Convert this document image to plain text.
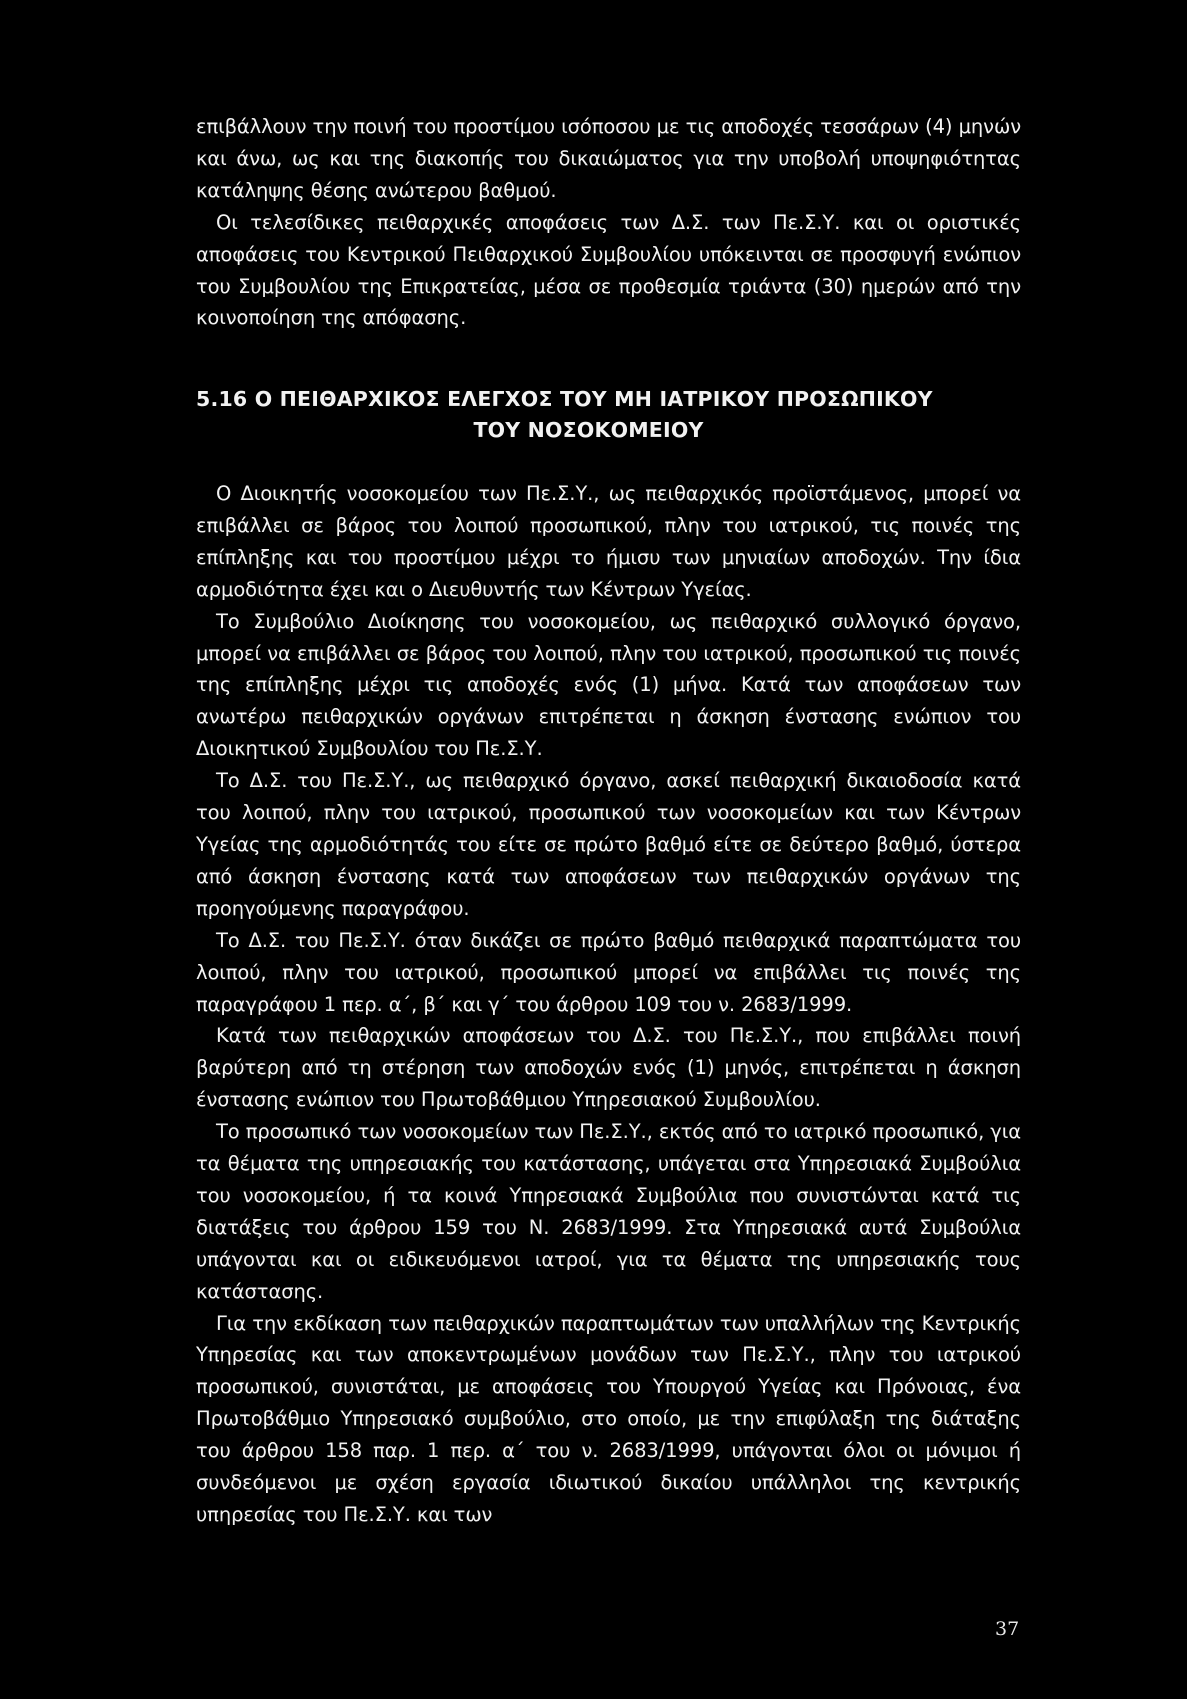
επιβάλλουν την ποινή του προστίμου ισόποσου με τις αποδοχές τεσσάρων (4) μηνών και άνω, ως και της διακοπής του δικαιώματος για την υποβολή υποψηφιότητας κατάληψης θέσης ανώτερου βαθμού.

Οι τελεσίδικες πειθαρχικές αποφάσεις των Δ.Σ. των Πε.Σ.Υ. και οι οριστικές αποφάσεις του Κεντρικού Πειθαρχικού Συμβουλίου υπόκεινται σε προσφυγή ενώπιον του Συμβουλίου της Επικρατείας, μέσα σε προθεσμία τριάντα (30) ημερών από την κοινοποίηση της απόφασης.

5.16 Ο ΠΕΙΘΑΡΧΙΚΟΣ ΕΛΕΓΧΟΣ ΤΟΥ ΜΗ ΙΑΤΡΙΚΟΥ ΠΡΟΣΩΠΙΚΟΥ
ΤΟΥ ΝΟΣΟΚΟΜΕΙΟΥ

Ο Διοικητής νοσοκομείου των Πε.Σ.Υ., ως πειθαρχικός προϊστάμενος, μπορεί να επιβάλλει σε βάρος του λοιπού προσωπικού, πλην του ιατρικού, τις ποινές της επίπληξης και του προστίμου μέχρι το ήμισυ των μηνιαίων αποδοχών. Την ίδια αρμοδιότητα έχει και ο Διευθυντής των Κέντρων Υγείας.

Το Συμβούλιο Διοίκησης του νοσοκομείου, ως πειθαρχικό συλλογικό όργανο, μπορεί να επιβάλλει σε βάρος του λοιπού, πλην του ιατρικού, προσωπικού τις ποινές της επίπληξης μέχρι τις αποδοχές ενός (1) μήνα. Κατά των αποφάσεων των ανωτέρω πειθαρχικών οργάνων επιτρέπεται η άσκηση ένστασης ενώπιον του Διοικητικού Συμβουλίου του Πε.Σ.Υ.

Το Δ.Σ. του Πε.Σ.Υ., ως πειθαρχικό όργανο, ασκεί πειθαρχική δικαιοδοσία κατά του λοιπού, πλην του ιατρικού, προσωπικού των νοσοκομείων και των Κέντρων Υγείας της αρμοδιότητάς του είτε σε πρώτο βαθμό είτε σε δεύτερο βαθμό, ύστερα από άσκηση ένστασης κατά των αποφάσεων των πειθαρχικών οργάνων της προηγούμενης παραγράφου.

Το Δ.Σ. του Πε.Σ.Υ. όταν δικάζει σε πρώτο βαθμό πειθαρχικά παραπτώματα του λοιπού, πλην του ιατρικού, προσωπικού μπορεί να επιβάλλει τις ποινές της παραγράφου 1 περ. α΄, β΄ και γ΄ του άρθρου 109 του ν. 2683/1999.

Κατά των πειθαρχικών αποφάσεων του Δ.Σ. του Πε.Σ.Υ., που επιβάλλει ποινή βαρύτερη από τη στέρηση των αποδοχών ενός (1) μηνός, επιτρέπεται η άσκηση ένστασης ενώπιον του Πρωτοβάθμιου Υπηρεσιακού Συμβουλίου.

Το προσωπικό των νοσοκομείων των Πε.Σ.Υ., εκτός από το ιατρικό προσωπικό, για τα θέματα της υπηρεσιακής του κατάστασης, υπάγεται στα Υπηρεσιακά Συμβούλια του νοσοκομείου, ή τα κοινά Υπηρεσιακά Συμβούλια που συνιστώνται κατά τις διατάξεις του άρθρου 159 του Ν. 2683/1999. Στα Υπηρεσιακά αυτά Συμβούλια υπάγονται και οι ειδικευόμενοι ιατροί, για τα θέματα της υπηρεσιακής τους κατάστασης.

Για την εκδίκαση των πειθαρχικών παραπτωμάτων των υπαλλήλων της Κεντρικής Υπηρεσίας και των αποκεντρωμένων μονάδων των Πε.Σ.Υ., πλην του ιατρικού προσωπικού, συνιστάται, με αποφάσεις του Υπουργού Υγείας και Πρόνοιας, ένα Πρωτοβάθμιο Υπηρεσιακό συμβούλιο, στο οποίο, με την επιφύλαξη της διάταξης του άρθρου 158 παρ. 1 περ. α΄ του ν. 2683/1999, υπάγονται όλοι οι μόνιμοι ή συνδεόμενοι με σχέση εργασία ιδιωτικού δικαίου υπάλληλοι της κεντρικής υπηρεσίας του Πε.Σ.Υ. και των

37
